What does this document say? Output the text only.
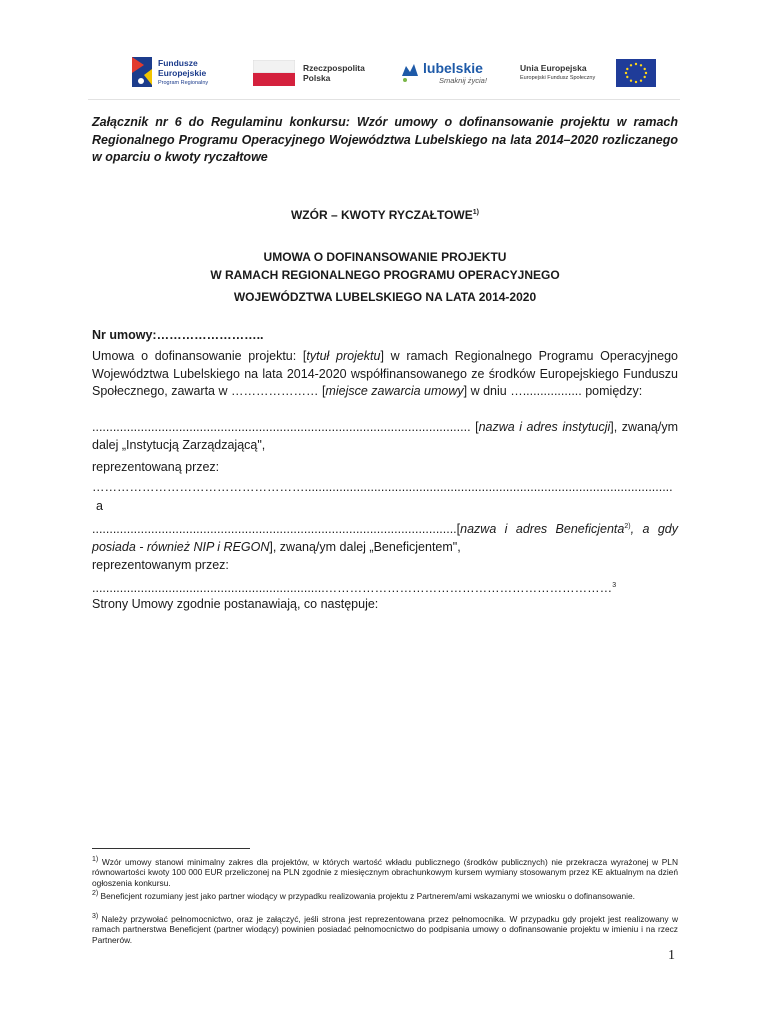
Fundusze
Europejskie
Program Regionalny
Rzeczpospolita
Polska
lubelskie
Smaknij życia!
Unia Europejska
Europejski Fundusz Społeczny
Załącznik nr 6 do Regulaminu konkursu: Wzór umowy o dofinansowanie projektu w ramach Regionalnego Programu Operacyjnego Województwa Lubelskiego na lata 2014–2020 rozliczanego w oparciu o kwoty ryczałtowe
WZÓR – KWOTY RYCZAŁTOWE$^{1)}$
UMOWA O DOFINANSOWANIE PROJEKTU
W RAMACH REGIONALNEGO PROGRAMU OPERACYJNEGO
WOJEWÓDZTWA LUBELSKIEGO NA LATA 2014-2020
Nr umowy:……………………..
Umowa o dofinansowanie projektu: [tytuł projektu] w ramach Regionalnego Programu Operacyjnego Województwa Lubelskiego na lata 2014-2020 współfinansowanego ze środków Europejskiego Funduszu Społecznego, zawarta w ………………… [miejsce zawarcia umowy] w dniu …................. pomiędzy:
............................................................................................................. [nazwa i adres instytucji], zwaną/ym dalej „Instytucją Zarządzającą",
reprezentowaną przez:
……………………………………………..........................................................................................................
a
.........................................................................................................[nazwa i adres Beneficjenta$^{2)}$, a gdy posiada - również NIP i REGON], zwaną/ym dalej „Beneficjentem",
reprezentowanym przez:
...................................................................……………………………………………………………$^3$
Strony Umowy zgodnie postanawiają, co następuje:
$^{1)}$ Wzór umowy stanowi minimalny zakres dla projektów, w których wartość wkładu publicznego (środków publicznych) nie przekracza wyrażonej w PLN równowartości kwoty 100 000 EUR przeliczonej na PLN zgodnie z miesięcznym obrachunkowym kursem wymiany stosowanym przez KE aktualnym na dzień ogłoszenia konkursu.
$^{2)}$ Beneficjent rozumiany jest jako partner wiodący w przypadku realizowania projektu z Partnerem/ami wskazanymi we wniosku o dofinansowanie.
$^{3)}$ Należy przywołać pełnomocnictwo, oraz je załączyć, jeśli strona jest reprezentowana przez pełnomocnika. W przypadku gdy projekt jest realizowany w ramach partnerstwa Beneficjent (partner wiodący) powinien posiadać pełnomocnictwo do podpisania umowy o dofinansowanie projektu w imieniu i na rzecz Partnerów.
1
